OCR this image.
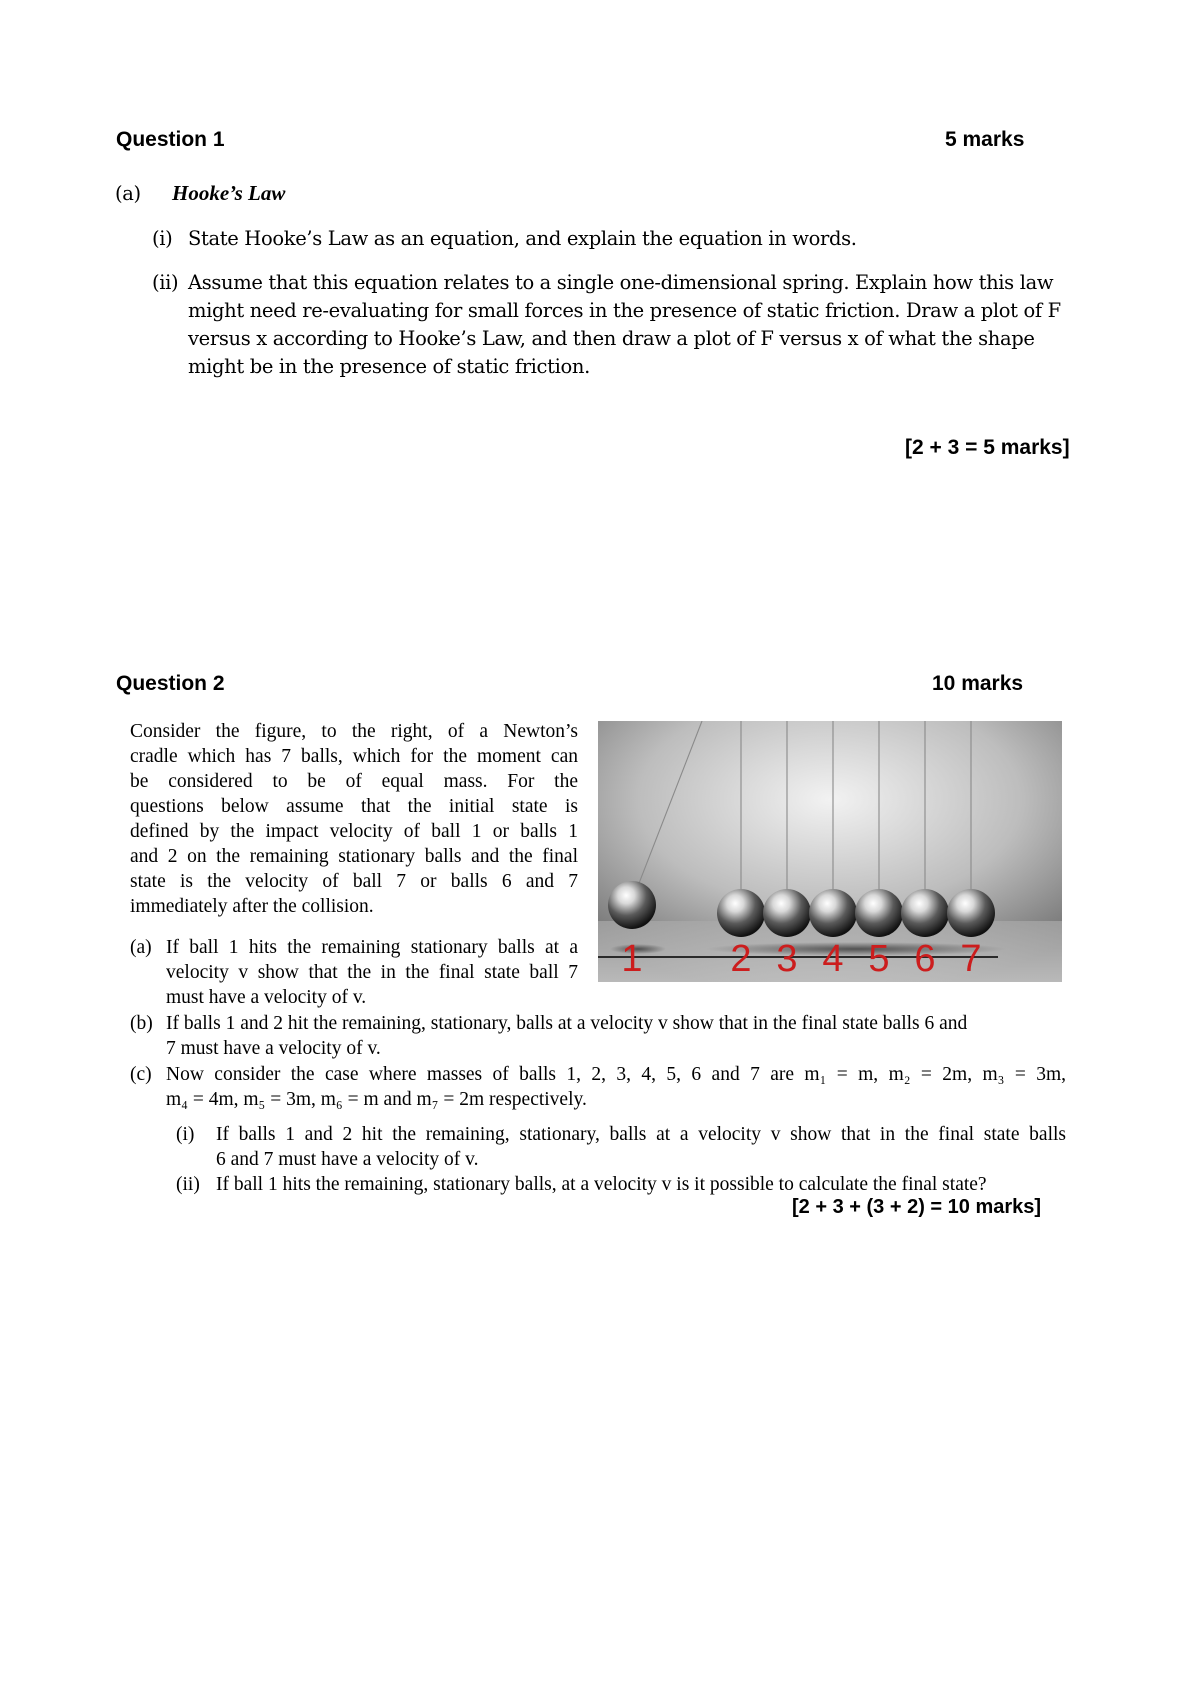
Question 1	5 marks
(a) Hooke’s Law
(i) State Hooke’s Law as an equation, and explain the equation in words.
(ii) Assume that this equation relates to a single one-dimensional spring. Explain how this law
might need re-evaluating for small forces in the presence of static friction. Draw a plot of F
versus x according to Hooke’s Law, and then draw a plot of F versus x of what the shape
might be in the presence of static friction.
[2 + 3 = 5 marks]
Question 2	10 marks
Consider the figure, to the right, of a Newton’s
cradle which has 7 balls, which for the moment can
be considered to be of equal mass. For the
questions below assume that the initial state is
defined by the impact velocity of ball 1 or balls 1
and 2 on the remaining stationary balls and the final
state is the velocity of ball 7 or balls 6 and 7
immediately after the collision.
(a) If ball 1 hits the remaining stationary balls at a
velocity v show that the in the final state ball 7
must have a velocity of v.
(b) If balls 1 and 2 hit the remaining, stationary, balls at a velocity v show that in the final state balls 6 and
7 must have a velocity of v.
(c) Now consider the case where masses of balls 1, 2, 3, 4, 5, 6 and 7 are m₁ = m, m₂ = 2m, m₃ = 3m,
m₄ = 4m, m₅ = 3m, m₆ = m and m₇ = 2m respectively.
(i) If balls 1 and 2 hit the remaining, stationary, balls at a velocity v show that in the final state balls
6 and 7 must have a velocity of v.
(ii) If ball 1 hits the remaining, stationary balls, at a velocity v is it possible to calculate the final state?
[2 + 3 + (3 + 2) = 10 marks]
1 2 3 4 5 6 7
